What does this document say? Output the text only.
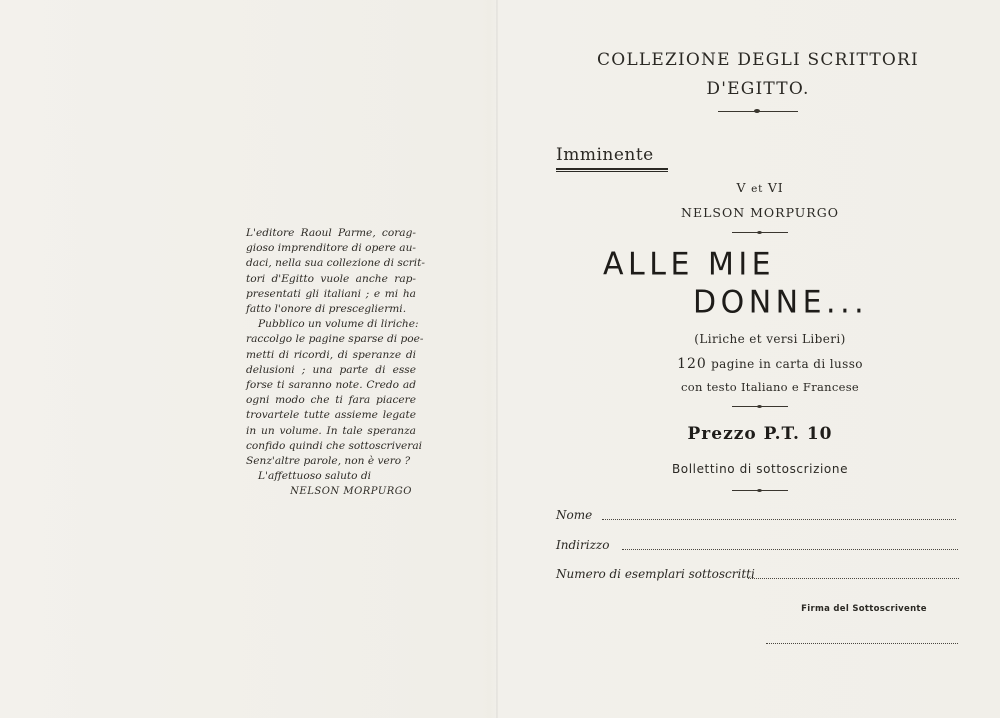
L'editore Raoul Parme, corag-
gioso imprenditore di opere au-
daci, nella sua collezione di scrit-
tori d'Egitto vuole anche rap-
presentati gli italiani ; e mi ha
fatto l'onore di prescegliermi.
Pubblico un volume di liriche:
raccolgo le pagine sparse di poe-
metti di ricordi, di speranze di
delusioni ; una parte di esse
forse ti saranno note. Credo ad
ogni modo che ti fara piacere
trovartele tutte assieme legate
in un volume. In tale speranza
confido quindi che sottoscriverai
Senz'altre parole, non è vero ?
L'affettuoso saluto di
NELSON MORPURGO
COLLEZIONE DEGLI SCRITTORI
D'EGITTO.
Imminente
V et VI
NELSON MORPURGO
ALLE MIE
DONNE...
(Liriche et versi Liberi)
120 pagine in carta di lusso
con testo Italiano e Francese
Prezzo P.T. 10
Bollettino di sottoscrizione
Nome
Indirizzo
Numero di esemplari sottoscritti
Firma del Sottoscrivente
